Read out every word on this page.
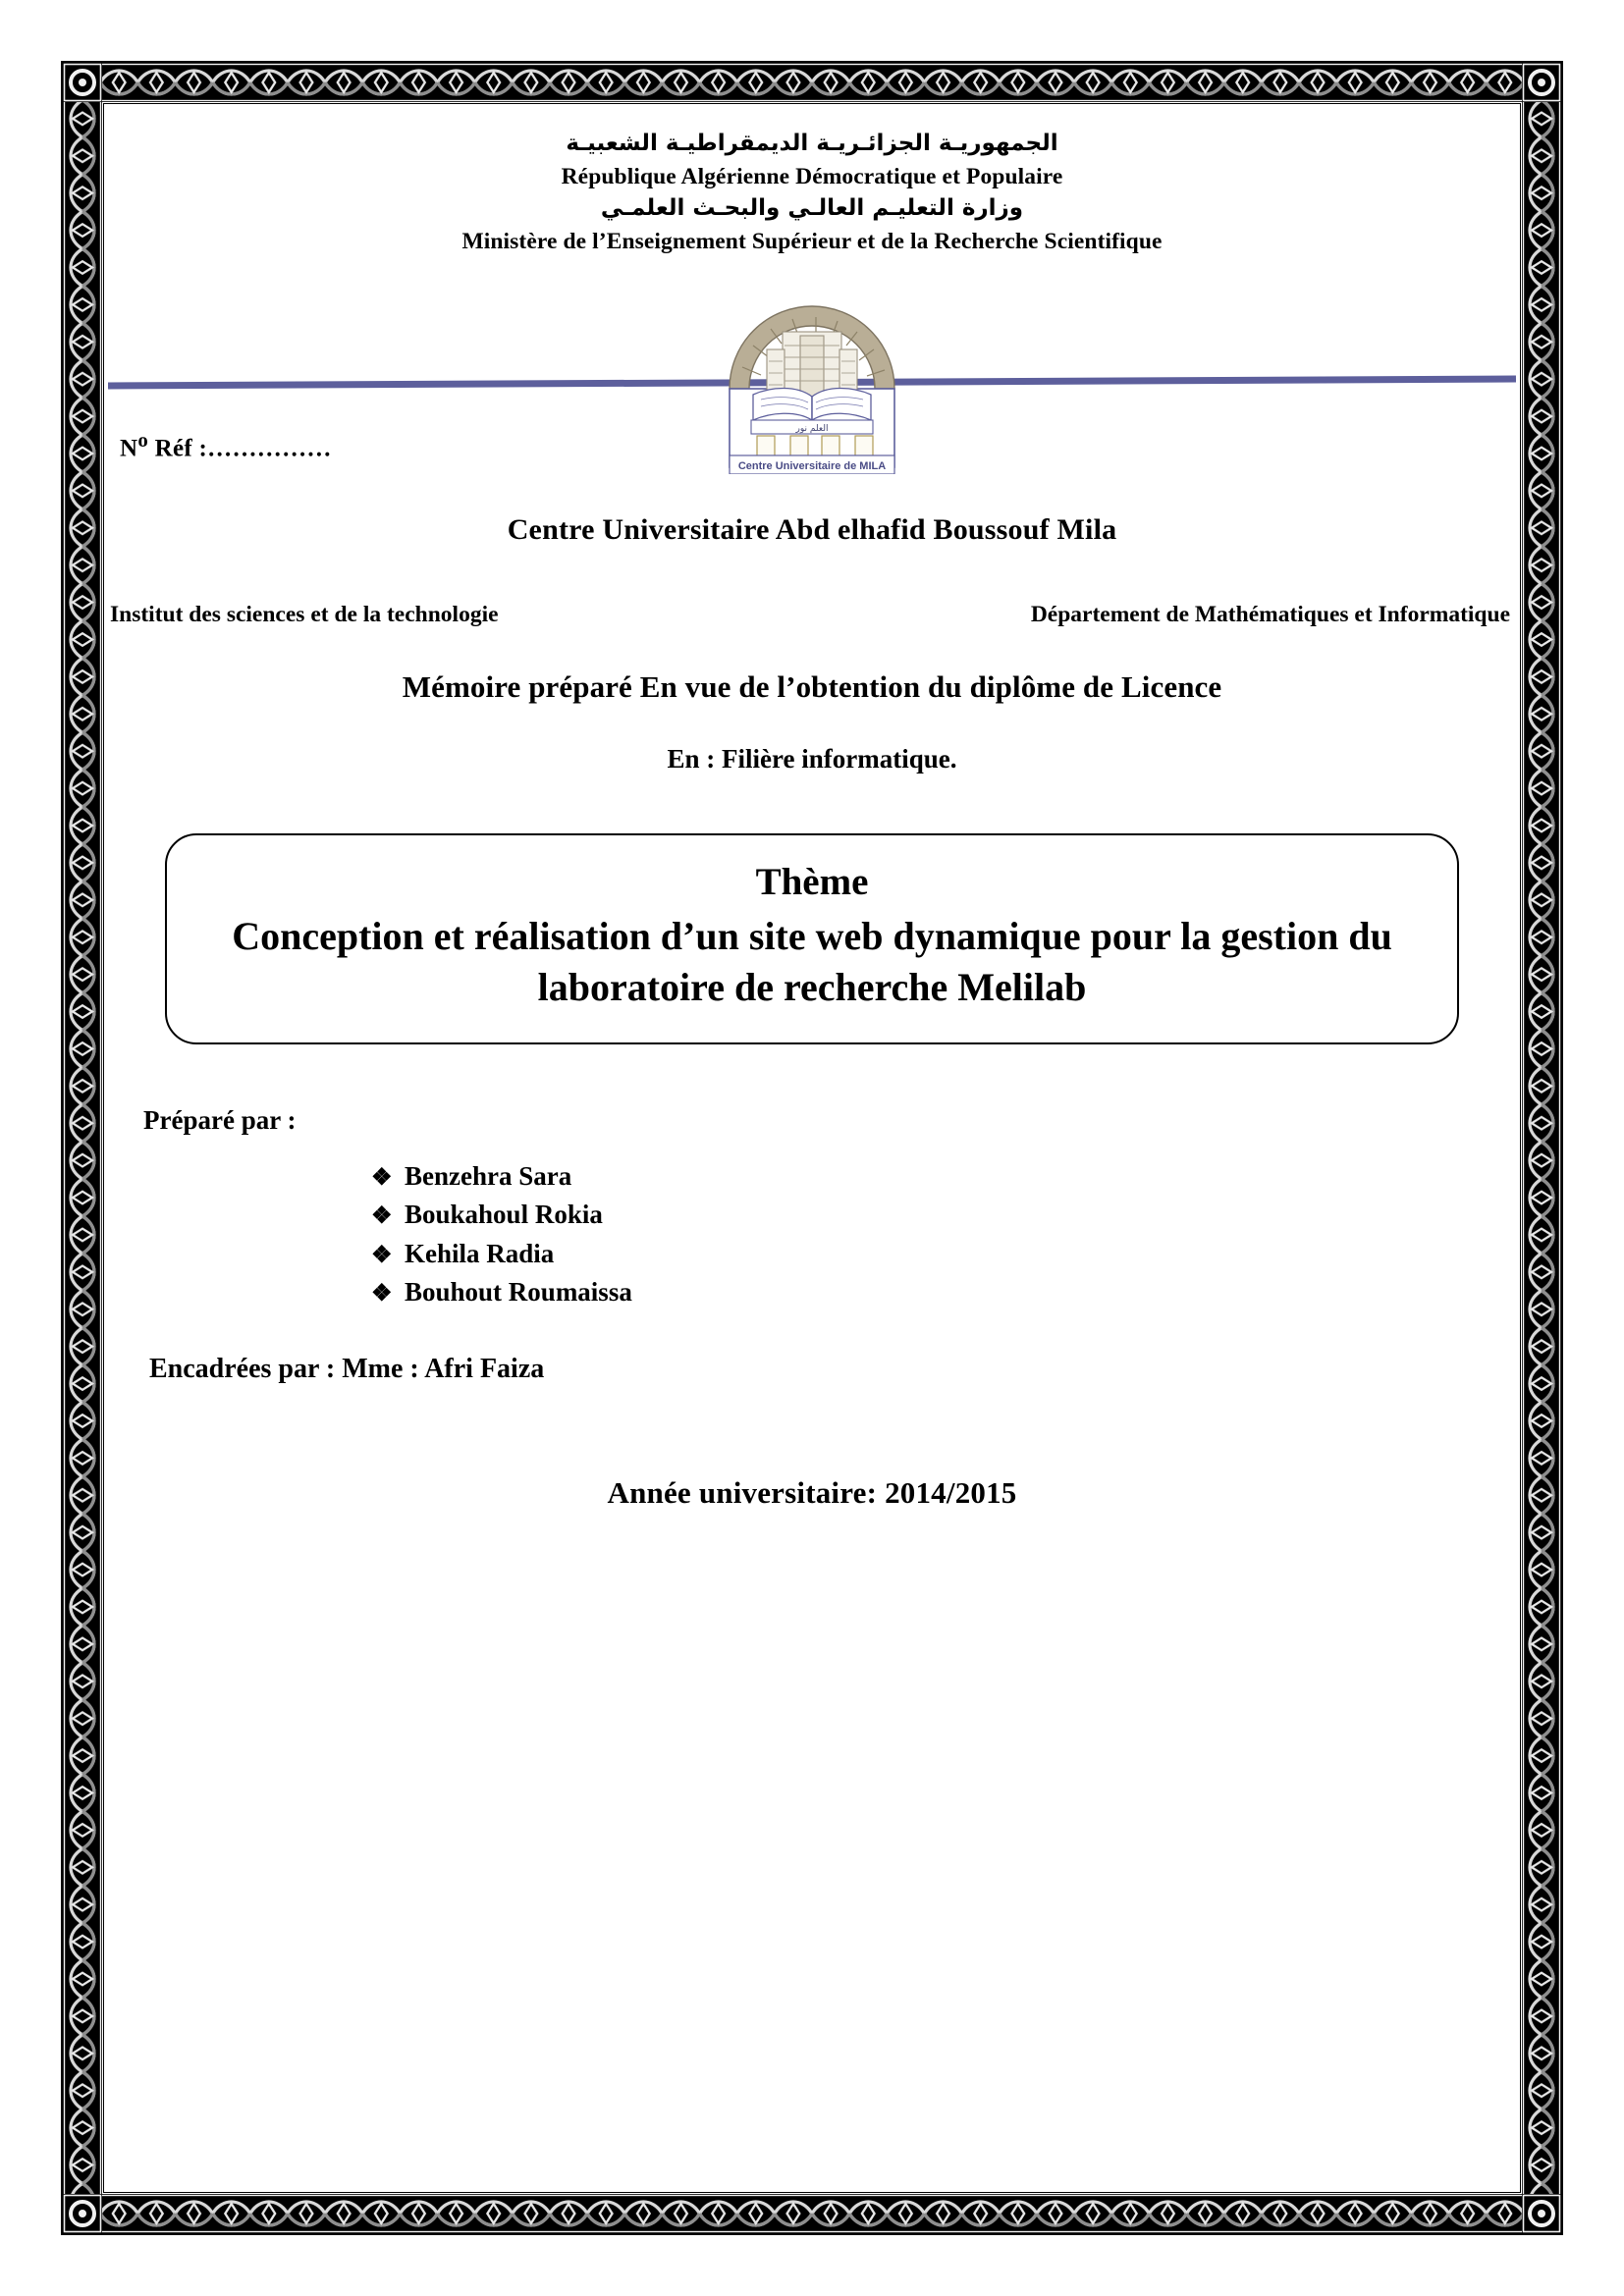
الجمهوريـة الجزائـريـة الديمقراطيـة الشعبيـة

République Algérienne Démocratique et Populaire

وزارة التعليـم العالـي والبحـث العلمـي

Ministère de l’Enseignement Supérieur et de la Recherche Scientifique

العلم نور
Centre Universitaire de MILA
$N^o$ Réf :……………
Centre Universitaire Abd elhafid Boussouf Mila
Institut des sciences et de la technologie	Département de Mathématiques et Informatique
Mémoire préparé En vue de l’obtention du diplôme de Licence
En : Filière informatique.
Thème
Conception et réalisation d’un site web dynamique pour la gestion du laboratoire de recherche Melilab
Préparé par :
❖ Benzehra Sara
❖ Boukahoul Rokia
❖ Kehila Radia
❖ Bouhout Roumaissa
Encadrées par : Mme : Afri Faiza
Année universitaire: 2014/2015
